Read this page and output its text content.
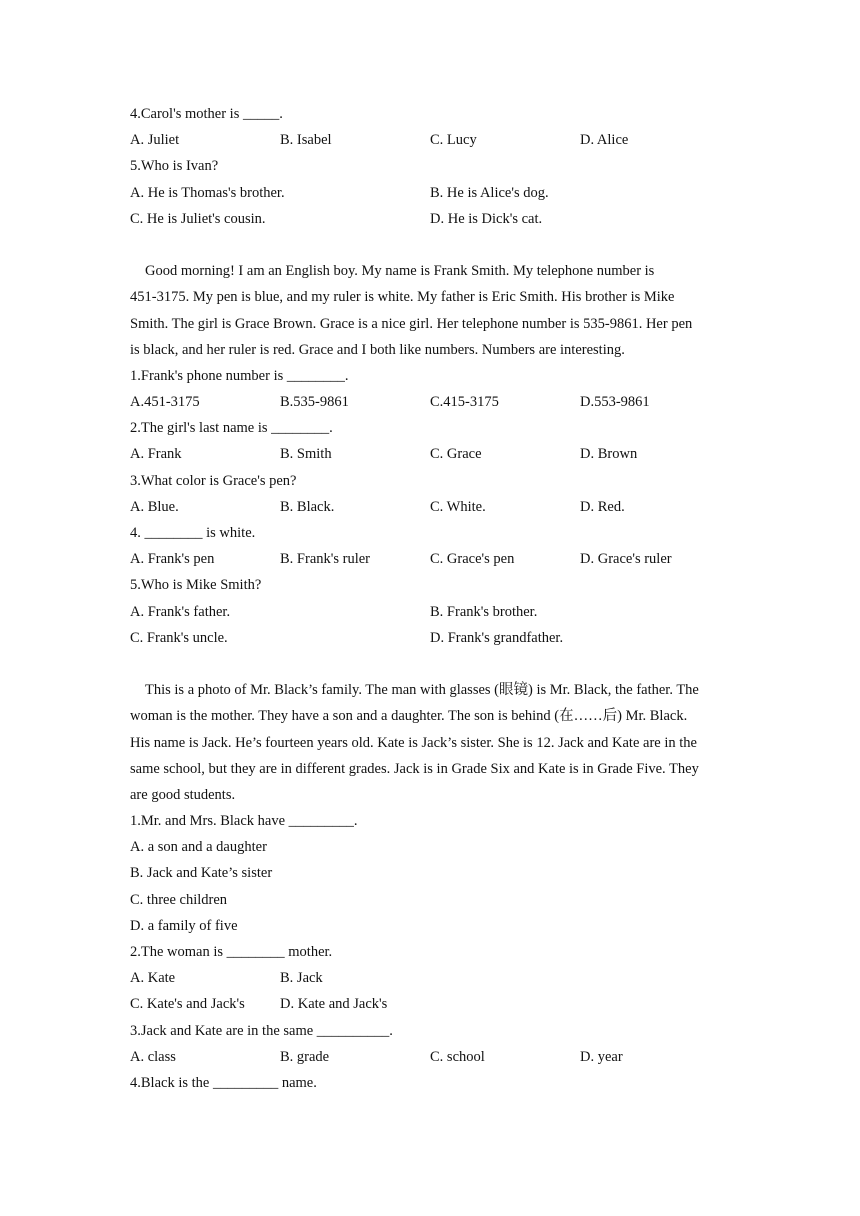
4.Carol's mother is _____.
A. Juliet	B. Isabel	C. Lucy	D. Alice
5.Who is Ivan?
A. He is Thomas's brother.	B. He is Alice's dog.
C. He is Juliet's cousin.	D. He is Dick's cat.
Good morning! I am an English boy. My name is Frank Smith. My telephone number is
451-3175. My pen is blue, and my ruler is white. My father is Eric Smith. His brother is Mike
Smith. The girl is Grace Brown. Grace is a nice girl. Her telephone number is 535-9861. Her pen
is black, and her ruler is red. Grace and I both like numbers. Numbers are interesting.
1.Frank's phone number is ________.
A.451-3175	B.535-9861	C.415-3175	D.553-9861
2.The girl's last name is ________.
A. Frank	B. Smith	C. Grace	D. Brown
3.What color is Grace's pen?
A. Blue.	B. Black.	C. White.	D. Red.
4. ________ is white.
A. Frank's pen	B. Frank's ruler	C. Grace's pen	D. Grace's ruler
5.Who is Mike Smith?
A. Frank's father.	B. Frank's brother.
C. Frank's uncle.	D. Frank's grandfather.
This is a photo of Mr. Black’s family. The man with glasses (眼镜) is Mr. Black, the father. The
woman is the mother. They have a son and a daughter. The son is behind (在……后) Mr. Black.
His name is Jack. He’s fourteen years old. Kate is Jack’s sister. She is 12. Jack and Kate are in the
same school, but they are in different grades. Jack is in Grade Six and Kate is in Grade Five. They
are good students.
1.Mr. and Mrs. Black have _________.
A. a son and a daughter
B. Jack and Kate’s sister
C. three children
D. a family of five
2.The woman is ________ mother.
A. Kate	B. Jack
C. Kate's and Jack's	D. Kate and Jack's
3.Jack and Kate are in the same __________.
A. class	B. grade	C. school	D. year
4.Black is the _________ name.
